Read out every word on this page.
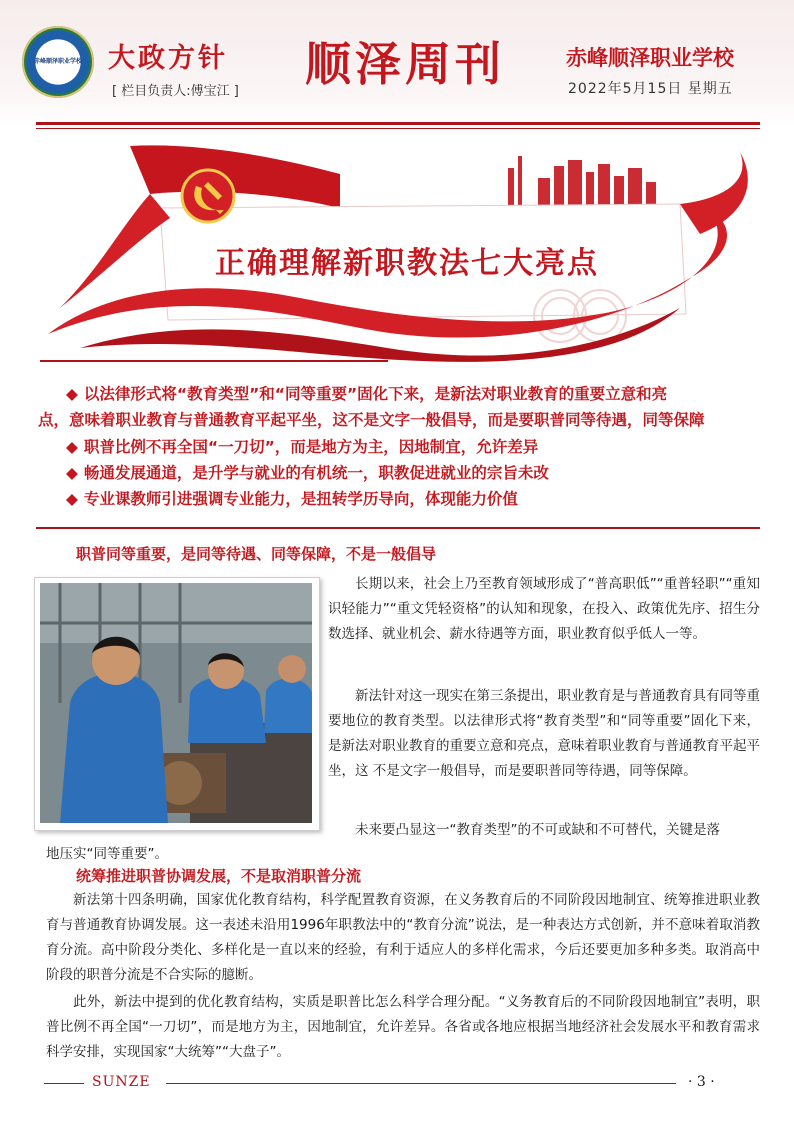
赤峰顺泽职业学校 大政方针
[ 栏目负责人:傅宝江 ]
顺泽周刊	赤峰顺泽职业学校
2022年5月15日 星期五
正确理解新职教法七大亮点
◆ 以法律形式将“教育类型”和“同等重要”固化下来，是新法对职业教育的重要立意和亮
点，意味着职业教育与普通教育平起平坐，这不是文字一般倡导，而是要职普同等待遇，同等保障
◆ 职普比例不再全国“一刀切”，而是地方为主，因地制宜，允许差异
◆ 畅通发展通道，是升学与就业的有机统一，职教促进就业的宗旨未改
◆ 专业课教师引进强调专业能力，是扭转学历导向，体现能力价值
职普同等重要，是同等待遇、同等保障，不是一般倡导
长期以来，社会上乃至教育领域形成了“普高职低”“重普轻职”“重知识轻能力”“重文凭轻资格”的认知和现象，在投入、政策优先序、招生分数选择、就业机会、薪水待遇等方面，职业教育似乎低人一等。
新法针对这一现实在第三条提出，职业教育是与普通教育具有同等重要地位的教育类型。以法律形式将“教育类型”和“同等重要”固化下来，是新法对职业教育的重要立意和亮点，意味着职业教育与普通教育平起平坐，这 不是文字一般倡导，而是要职普同等待遇，同等保障。
未来要凸显这一“教育类型”的不可或缺和不可替代，关键是落
地压实“同等重要”。
统筹推进职普协调发展，不是取消职普分流
新法第十四条明确，国家优化教育结构，科学配置教育资源，在义务教育后的不同阶段因地制宜、统筹推进职业教育与普通教育协调发展。这一表述未沿用1996年职教法中的“教育分流”说法，是一种表达方式创新，并不意味着取消教育分流。高中阶段分类化、多样化是一直以来的经验，有利于适应人的多样化需求，今后还要更加多种多类。取消高中阶段的职普分流是不合实际的臆断。
此外，新法中提到的优化教育结构，实质是职普比怎么科学合理分配。“义务教育后的不同阶段因地制宜”表明，职普比例不再全国“一刀切”，而是地方为主，因地制宜，允许差异。各省或各地应根据当地经济社会发展水平和教育需求科学安排，实现国家“大统筹”“大盘子”。
SUNZE	· 3 ·
